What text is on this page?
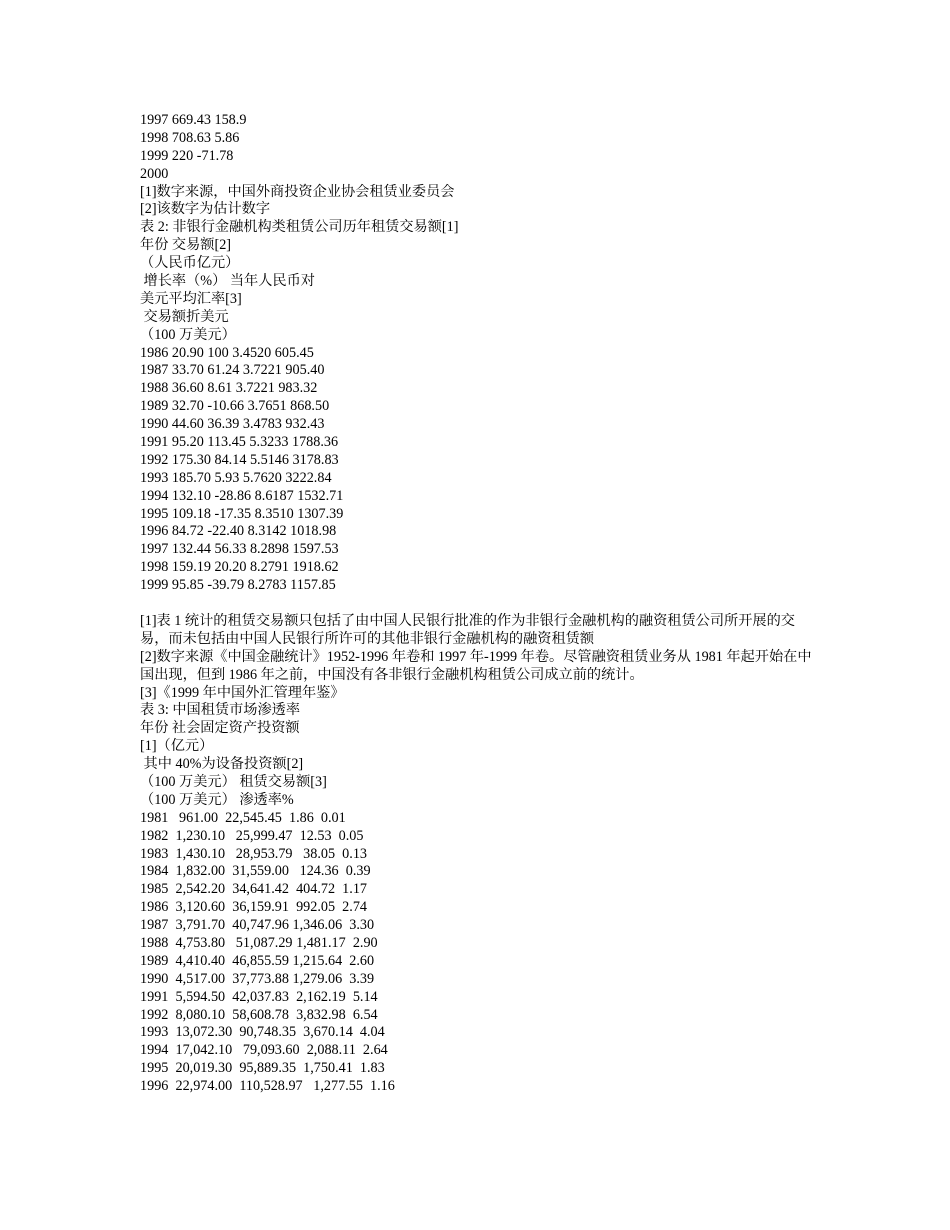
1997 669.43 158.9
1998 708.63 5.86
1999 220 -71.78
2000
[1]数字来源，中国外商投资企业协会租赁业委员会
[2]该数字为估计数字
表 2: 非银行金融机构类租赁公司历年租赁交易额[1]
年份 交易额[2]
（人民币亿元）
增长率（%） 当年人民币对
美元平均汇率[3]
交易额折美元
（100 万美元）
1986 20.90 100 3.4520 605.45
1987 33.70 61.24 3.7221 905.40
1988 36.60 8.61 3.7221 983.32
1989 32.70 -10.66 3.7651 868.50
1990 44.60 36.39 3.4783 932.43
1991 95.20 113.45 5.3233 1788.36
1992 175.30 84.14 5.5146 3178.83
1993 185.70 5.93 5.7620 3222.84
1994 132.10 -28.86 8.6187 1532.71
1995 109.18 -17.35 8.3510 1307.39
1996 84.72 -22.40 8.3142 1018.98
1997 132.44 56.33 8.2898 1597.53
1998 159.19 20.20 8.2791 1918.62
1999 95.85 -39.79 8.2783 1157.85
[1]表 1 统计的租赁交易额只包括了由中国人民银行批准的作为非银行金融机构的融资租赁公司所开展的交易，而未包括由中国人民银行所许可的其他非银行金融机构的融资租赁额
[2]数字来源《中国金融统计》1952-1996 年卷和 1997 年-1999 年卷。尽管融资租赁业务从 1981 年起开始在中国出现，但到 1986 年之前，中国没有各非银行金融机构租赁公司成立前的统计。
[3]《1999 年中国外汇管理年鉴》
表 3: 中国租赁市场渗透率
年份 社会固定资产投资额
[1]（亿元）
其中 40%为设备投资额[2]
（100 万美元） 租赁交易额[3]
（100 万美元） 渗透率%
1981   961.00  22,545.45  1.86  0.01
1982  1,230.10   25,999.47  12.53  0.05
1983  1,430.10   28,953.79   38.05  0.13
1984  1,832.00  31,559.00   124.36  0.39
1985  2,542.20  34,641.42  404.72  1.17
1986  3,120.60  36,159.91  992.05  2.74
1987  3,791.70  40,747.96 1,346.06  3.30
1988  4,753.80   51,087.29 1,481.17  2.90
1989  4,410.40  46,855.59 1,215.64  2.60
1990  4,517.00  37,773.88 1,279.06  3.39
1991  5,594.50  42,037.83  2,162.19  5.14
1992  8,080.10  58,608.78  3,832.98  6.54
1993  13,072.30  90,748.35  3,670.14  4.04
1994  17,042.10   79,093.60  2,088.11  2.64
1995  20,019.30  95,889.35  1,750.41  1.83
1996  22,974.00  110,528.97   1,277.55  1.16
